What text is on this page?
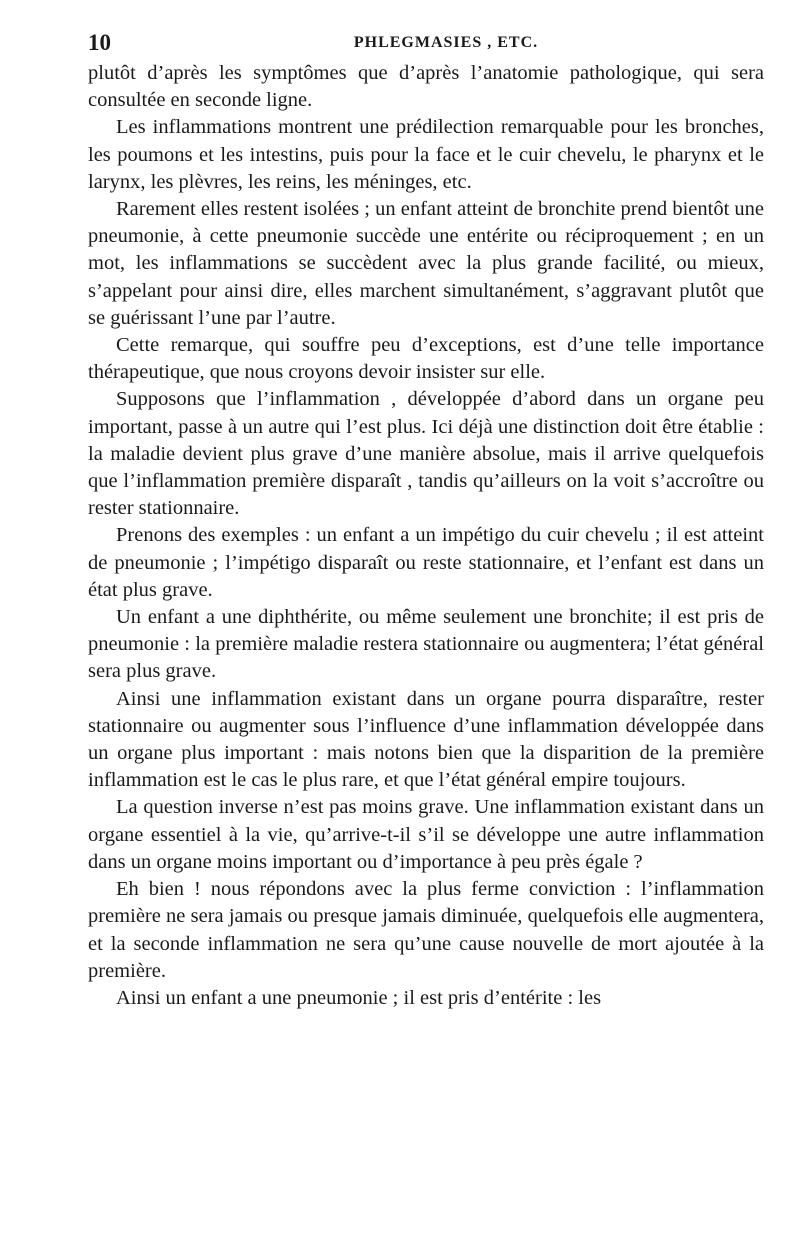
10	PHLEGMASIES , ETC.

plutôt d’après les symptômes que d’après l’anatomie pathologique, qui sera consultée en seconde ligne.

Les inflammations montrent une prédilection remarquable pour les bronches, les poumons et les intestins, puis pour la face et le cuir chevelu, le pharynx et le larynx, les plèvres, les reins, les méninges, etc.

Rarement elles restent isolées ; un enfant atteint de bronchite prend bientôt une pneumonie, à cette pneumonie succède une entérite ou réciproquement ; en un mot, les inflammations se succèdent avec la plus grande facilité, ou mieux, s’appelant pour ainsi dire, elles marchent simultanément, s’aggravant plutôt que se guérissant l’une par l’autre.

Cette remarque, qui souffre peu d’exceptions, est d’une telle importance thérapeutique, que nous croyons devoir insister sur elle.

Supposons que l’inflammation , développée d’abord dans un organe peu important, passe à un autre qui l’est plus. Ici déjà une distinction doit être établie : la maladie devient plus grave d’une manière absolue, mais il arrive quelquefois que l’inflammation première disparaît , tandis qu’ailleurs on la voit s’accroître ou rester stationnaire.

Prenons des exemples : un enfant a un impétigo du cuir chevelu ; il est atteint de pneumonie ; l’impétigo disparaît ou reste stationnaire, et l’enfant est dans un état plus grave.

Un enfant a une diphthérite, ou même seulement une bronchite; il est pris de pneumonie : la première maladie restera stationnaire ou augmentera; l’état général sera plus grave.

Ainsi une inflammation existant dans un organe pourra disparaître, rester stationnaire ou augmenter sous l’influence d’une inflammation développée dans un organe plus important : mais notons bien que la disparition de la première inflammation est le cas le plus rare, et que l’état général empire toujours.

La question inverse n’est pas moins grave. Une inflammation existant dans un organe essentiel à la vie, qu’arrive-t-il s’il se développe une autre inflammation dans un organe moins important ou d’importance à peu près égale ?

Eh bien ! nous répondons avec la plus ferme conviction : l’inflammation première ne sera jamais ou presque jamais diminuée, quelquefois elle augmentera, et la seconde inflammation ne sera qu’une cause nouvelle de mort ajoutée à la première.

Ainsi un enfant a une pneumonie ; il est pris d’entérite : les
